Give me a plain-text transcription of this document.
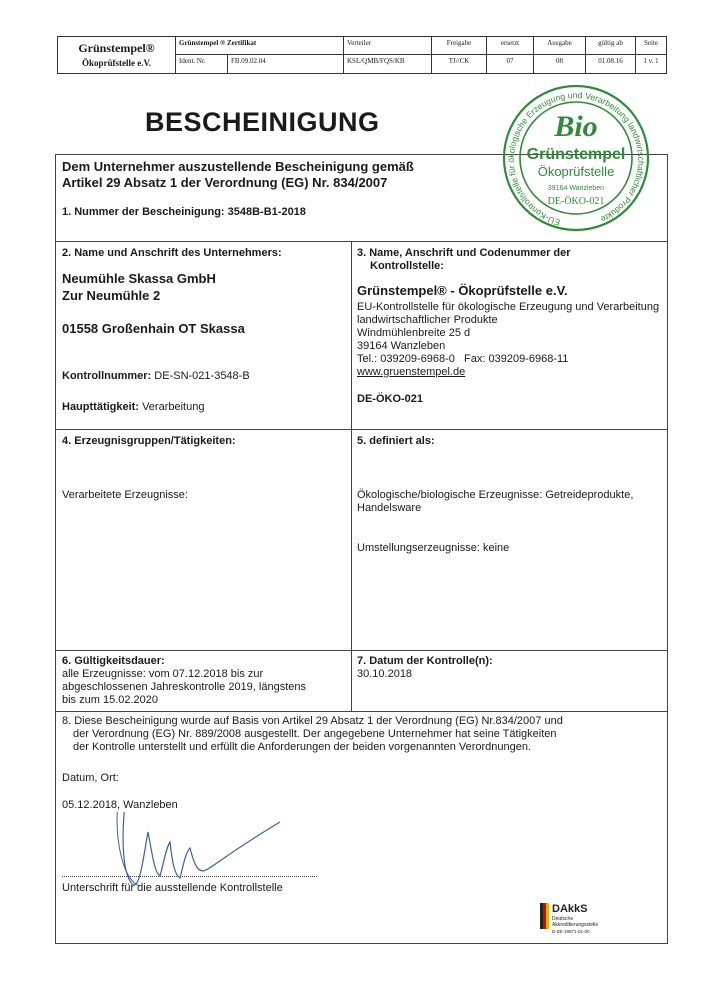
Grünstempel®
Ökoprüfstelle e.V.
Grünstempel ® Zertifikat
Ident. Nr.	FB.09.02.04
Verteiler
KSL/QMB/FQS/KB
Freigabe
TJ//CK
ersetzt
07
Ausgabe
08
gültig ab
01.08.16
Seite
1 v. 1
BESCHEINIGUNG
Dem Unternehmer auszustellende Bescheinigung gemäß
Artikel 29 Absatz 1 der Verordnung (EG) Nr. 834/2007
1. Nummer der Bescheinigung: 3548B-B1-2018
2. Name und Anschrift des Unternehmers:
Neumühle Skassa GmbH
Zur Neumühle 2
01558 Großenhain OT Skassa
Kontrollnummer: DE-SN-021-3548-B
Haupttätigkeit: Verarbeitung
3. Name, Anschrift und Codenummer der
Kontrollstelle:
Grünstempel® - Ökoprüfstelle e.V.
EU-Kontrollstelle für ökologische Erzeugung und Verarbeitung
landwirtschaftlicher Produkte
Windmühlenbreite 25 d
39164 Wanzleben
Tel.: 039209-6968-0 Fax: 039209-6968-11
www.gruenstempel.de
DE-ÖKO-021
4. Erzeugnisgruppen/Tätigkeiten:
Verarbeitete Erzeugnisse:
5. definiert als:
Ökologische/biologische Erzeugnisse: Getreideprodukte,
Handelsware
Umstellungserzeugnisse: keine
6. Gültigkeitsdauer:
alle Erzeugnisse: vom 07.12.2018 bis zur
abgeschlossenen Jahreskontrolle 2019, längstens
bis zum 15.02.2020
7. Datum der Kontrolle(n):
30.10.2018
8. Diese Bescheinigung wurde auf Basis von Artikel 29 Absatz 1 der Verordnung (EG) Nr.834/2007 und
der Verordnung (EG) Nr. 889/2008 ausgestellt. Der angegebene Unternehmer hat seine Tätigkeiten
der Kontrolle unterstellt und erfüllt die Anforderungen der beiden vorgenannten Verordnungen.
Datum, Ort:
05.12.2018, Wanzleben
Unterschrift für die ausstellende Kontrollstelle
EU-Kontrollstelle für ökologische Erzeugung und Verarbeitung landwirtschaftlicher Produkte
Bio
Grünstempel
Ökoprüfstelle
39164 Wanzleben
DE-ÖKO-021
DAkkS
Deutsche
Akkreditierungsstelle
D-ZE-19571-01-00
